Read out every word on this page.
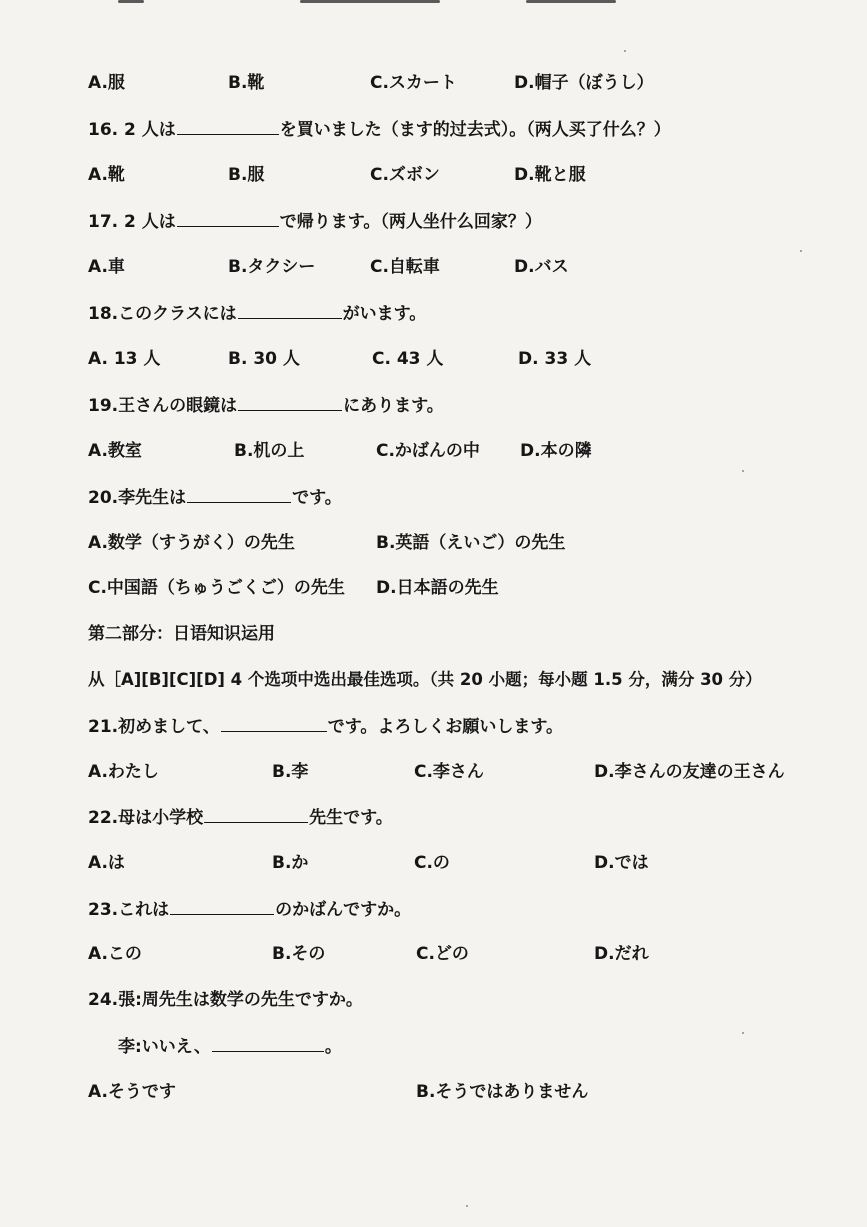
A.服	B.靴	C.スカート	D.帽子（ぼうし）
16. 2 人は	を買いました（ます的过去式）。（两人买了什么？）
A.靴	B.服	C.ズボン	D.靴と服
17. 2 人は	で帰ります。（两人坐什么回家？）
A.車	B.タクシー	C.自転車	D.バス
18.このクラスには	がいます。
A. 13 人	B. 30 人	C. 43 人	D. 33 人
19.王さんの眼鏡は	にあります。
A.教室	B.机の上	C.かばんの中 D.本の隣
20.李先生は	です。
A.数学（すうがく）の先生	B.英語（えいご）の先生
C.中国語（ちゅうごくご）の先生 D.日本語の先生
第二部分：日语知识运用
从［A][B][C][D] 4 个选项中选出最佳选项。（共 20 小题；每小题 1.5 分，满分 30 分）
21.初めまして、	です。よろしくお願いします。
A.わたし	B.李	C.李さん	D.李さんの友達の王さん
22.母は小学校	先生です。
A.は	B.か	C.の	D.では
23.これは	のかばんですか。
A.この	B.その	C.どの	D.だれ
24.張:周先生は数学の先生ですか。
李:いいえ、	。
A.そうです	B.そうではありません
